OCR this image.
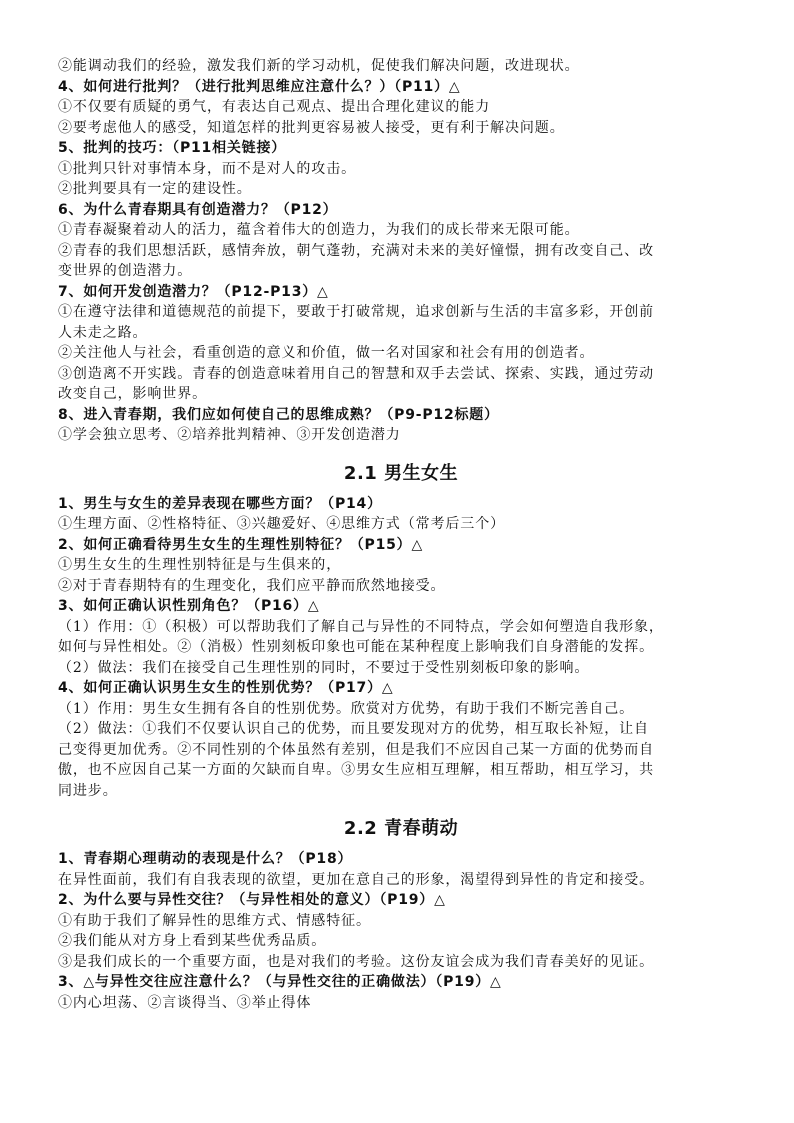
②能调动我们的经验，激发我们新的学习动机，促使我们解决问题，改进现状。
4、如何进行批判？（进行批判思维应注意什么？）（P11）△
①不仅要有质疑的勇气，有表达自己观点、提出合理化建议的能力
②要考虑他人的感受，知道怎样的批判更容易被人接受，更有利于解决问题。
5、批判的技巧：（P11相关链接）
①批判只针对事情本身，而不是对人的攻击。
②批判要具有一定的建设性。
6、为什么青春期具有创造潜力？（P12）
①青春凝聚着动人的活力，蕴含着伟大的创造力，为我们的成长带来无限可能。
②青春的我们思想活跃，感情奔放，朝气蓬勃，充满对未来的美好憧憬，拥有改变自己、改
变世界的创造潜力。
7、如何开发创造潜力？（P12-P13）△
①在遵守法律和道德规范的前提下，要敢于打破常规，追求创新与生活的丰富多彩，开创前
人未走之路。
②关注他人与社会，看重创造的意义和价值，做一名对国家和社会有用的创造者。
③创造离不开实践。青春的创造意味着用自己的智慧和双手去尝试、探索、实践，通过劳动
改变自己，影响世界。
8、进入青春期，我们应如何使自己的思维成熟？（P9-P12标题）
①学会独立思考、②培养批判精神、③开发创造潜力
2.1 男生女生
1、男生与女生的差异表现在哪些方面？（P14）
①生理方面、②性格特征、③兴趣爱好、④思维方式（常考后三个）
2、如何正确看待男生女生的生理性别特征？（P15）△
①男生女生的生理性别特征是与生俱来的，
②对于青春期特有的生理变化，我们应平静而欣然地接受。
3、如何正确认识性别角色？（P16）△
（1）作用：①（积极）可以帮助我们了解自己与异性的不同特点，学会如何塑造自我形象，
如何与异性相处。②（消极）性别刻板印象也可能在某种程度上影响我们自身潜能的发挥。
（2）做法：我们在接受自己生理性别的同时，不要过于受性别刻板印象的影响。
4、如何正确认识男生女生的性别优势？（P17）△
（1）作用：男生女生拥有各自的性别优势。欣赏对方优势，有助于我们不断完善自己。
（2）做法：①我们不仅要认识自己的优势，而且要发现对方的优势，相互取长补短，让自
己变得更加优秀。②不同性别的个体虽然有差别，但是我们不应因自己某一方面的优势而自
傲，也不应因自己某一方面的欠缺而自卑。③男女生应相互理解，相互帮助，相互学习，共
同进步。
2.2 青春萌动
1、青春期心理萌动的表现是什么？（P18）
在异性面前，我们有自我表现的欲望，更加在意自己的形象，渴望得到异性的肯定和接受。
2、为什么要与异性交往？（与异性相处的意义）（P19）△
①有助于我们了解异性的思维方式、情感特征。
②我们能从对方身上看到某些优秀品质。
③是我们成长的一个重要方面，也是对我们的考验。这份友谊会成为我们青春美好的见证。
3、△与异性交往应注意什么？（与异性交往的正确做法）（P19）△
①内心坦荡、②言谈得当、③举止得体
